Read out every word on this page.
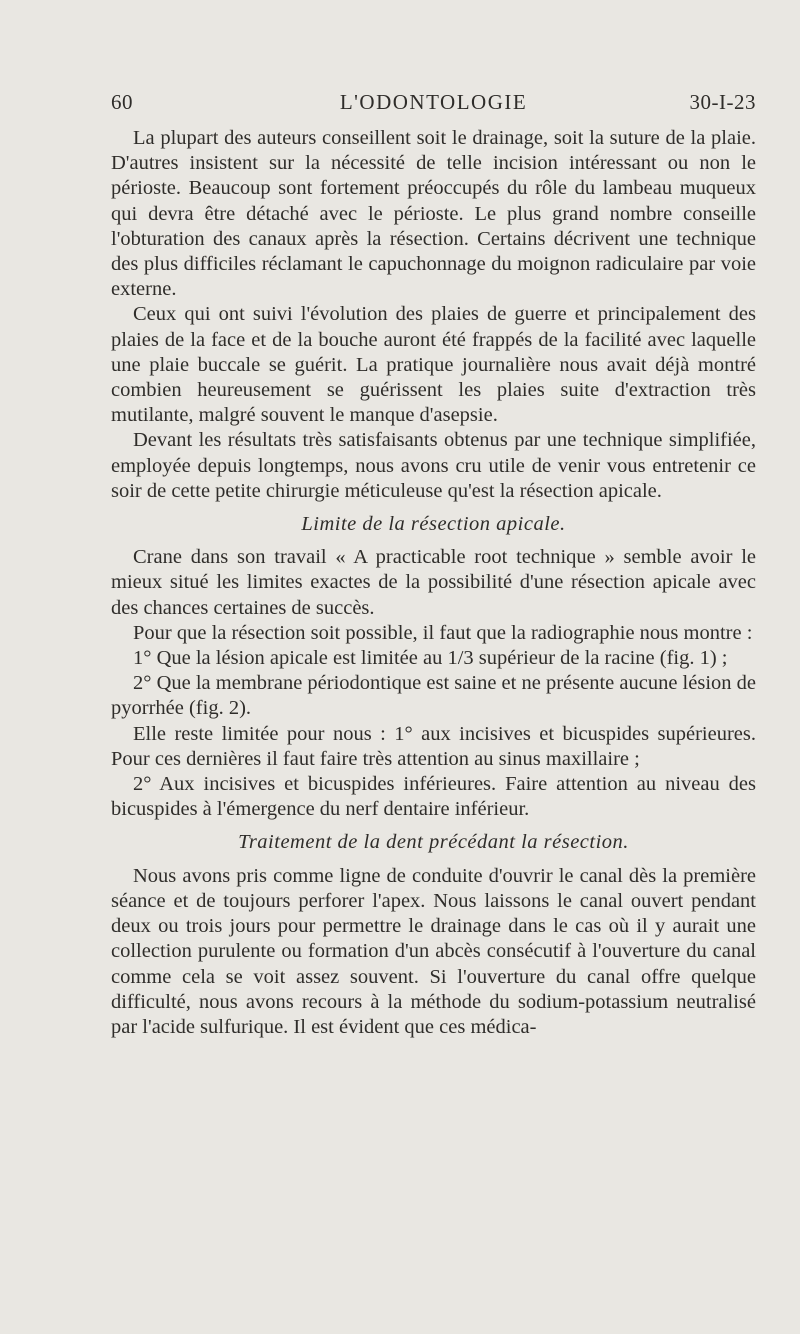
60	L'ODONTOLOGIE	30-I-23

La plupart des auteurs conseillent soit le drainage, soit la suture de la plaie. D'autres insistent sur la nécessité de telle incision intéressant ou non le périoste. Beaucoup sont fortement préoccupés du rôle du lambeau muqueux qui devra être détaché avec le périoste. Le plus grand nombre conseille l'obturation des canaux après la résection. Certains décrivent une technique des plus difficiles réclamant le capuchonnage du moignon radiculaire par voie externe.

Ceux qui ont suivi l'évolution des plaies de guerre et principalement des plaies de la face et de la bouche auront été frappés de la facilité avec laquelle une plaie buccale se guérit. La pratique journalière nous avait déjà montré combien heureusement se guérissent les plaies suite d'extraction très mutilante, malgré souvent le manque d'asepsie.

Devant les résultats très satisfaisants obtenus par une technique simplifiée, employée depuis longtemps, nous avons cru utile de venir vous entretenir ce soir de cette petite chirurgie méticuleuse qu'est la résection apicale.

Limite de la résection apicale.

Crane dans son travail « A practicable root technique » semble avoir le mieux situé les limites exactes de la possibilité d'une résection apicale avec des chances certaines de succès.

Pour que la résection soit possible, il faut que la radiographie nous montre :

1° Que la lésion apicale est limitée au 1/3 supérieur de la racine (fig. 1) ;

2° Que la membrane périodontique est saine et ne présente aucune lésion de pyorrhée (fig. 2).

Elle reste limitée pour nous : 1° aux incisives et bicuspides supérieures. Pour ces dernières il faut faire très attention au sinus maxillaire ;

2° Aux incisives et bicuspides inférieures. Faire attention au niveau des bicuspides à l'émergence du nerf dentaire inférieur.

Traitement de la dent précédant la résection.

Nous avons pris comme ligne de conduite d'ouvrir le canal dès la première séance et de toujours perforer l'apex. Nous laissons le canal ouvert pendant deux ou trois jours pour permettre le drainage dans le cas où il y aurait une collection purulente ou formation d'un abcès consécutif à l'ouverture du canal comme cela se voit assez souvent. Si l'ouverture du canal offre quelque difficulté, nous avons recours à la méthode du sodium-potassium neutralisé par l'acide sulfurique. Il est évident que ces médica-
